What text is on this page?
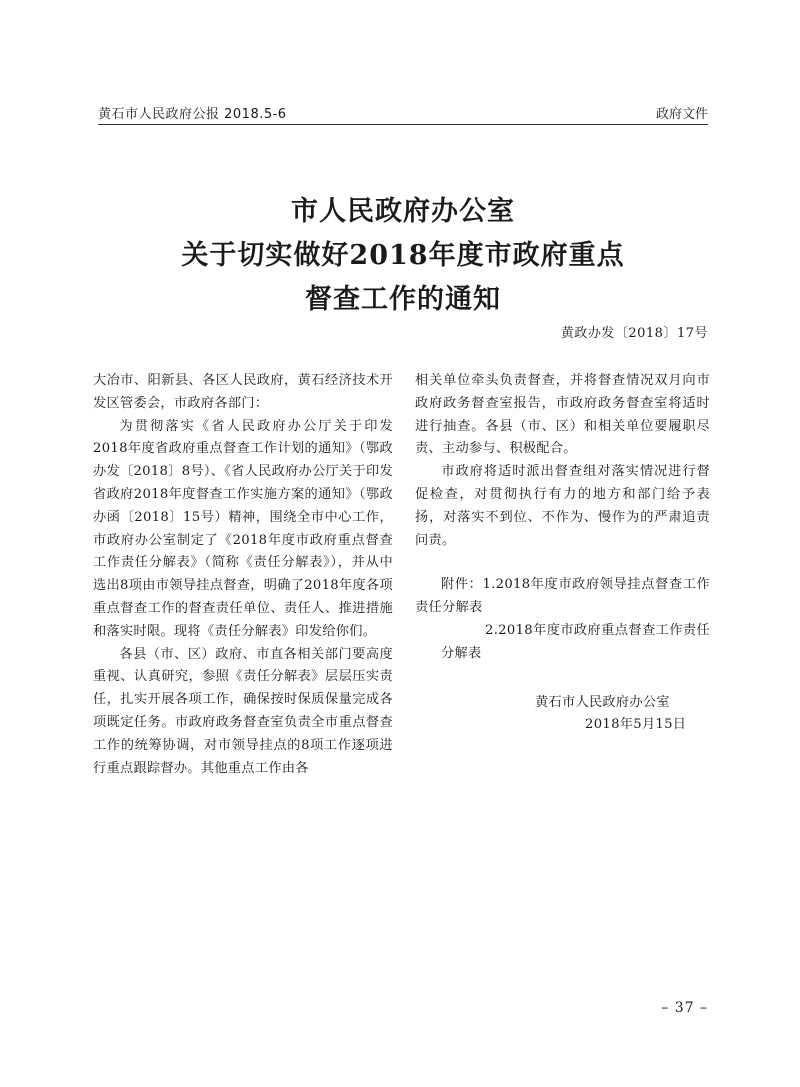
黄石市人民政府公报 2018.5-6	政府文件
市人民政府办公室
关于切实做好2018年度市政府重点
督查工作的通知
黄政办发〔2018〕17号

大冶市、阳新县、各区人民政府，黄石经济技术开发区管委会，市政府各部门：

为贯彻落实《省人民政府办公厅关于印发2018年度省政府重点督查工作计划的通知》（鄂政办发〔2018〕8号）、《省人民政府办公厅关于印发省政府2018年度督查工作实施方案的通知》（鄂政办函〔2018〕15号）精神，围绕全市中心工作，市政府办公室制定了《2018年度市政府重点督查工作责任分解表》（简称《责任分解表》），并从中选出8项由市领导挂点督查，明确了2018年度各项重点督查工作的督查责任单位、责任人、推进措施和落实时限。现将《责任分解表》印发给你们。

各县（市、区）政府、市直各相关部门要高度重视、认真研究，参照《责任分解表》层层压实责任，扎实开展各项工作，确保按时保质保量完成各项既定任务。市政府政务督查室负责全市重点督查工作的统筹协调，对市领导挂点的8项工作逐项进行重点跟踪督办。其他重点工作由各

相关单位牵头负责督查，并将督查情况双月向市政府政务督查室报告，市政府政务督查室将适时进行抽查。各县（市、区）和相关单位要履职尽责、主动参与、积极配合。

市政府将适时派出督查组对落实情况进行督促检查，对贯彻执行有力的地方和部门给予表扬，对落实不到位、不作为、慢作为的严肃追责问责。

附件：1.2018年度市政府领导挂点督查工作责任分解表

2.2018年度市政府重点督查工作责任分解表

黄石市人民政府办公室
2018年5月15日
– 37 –
